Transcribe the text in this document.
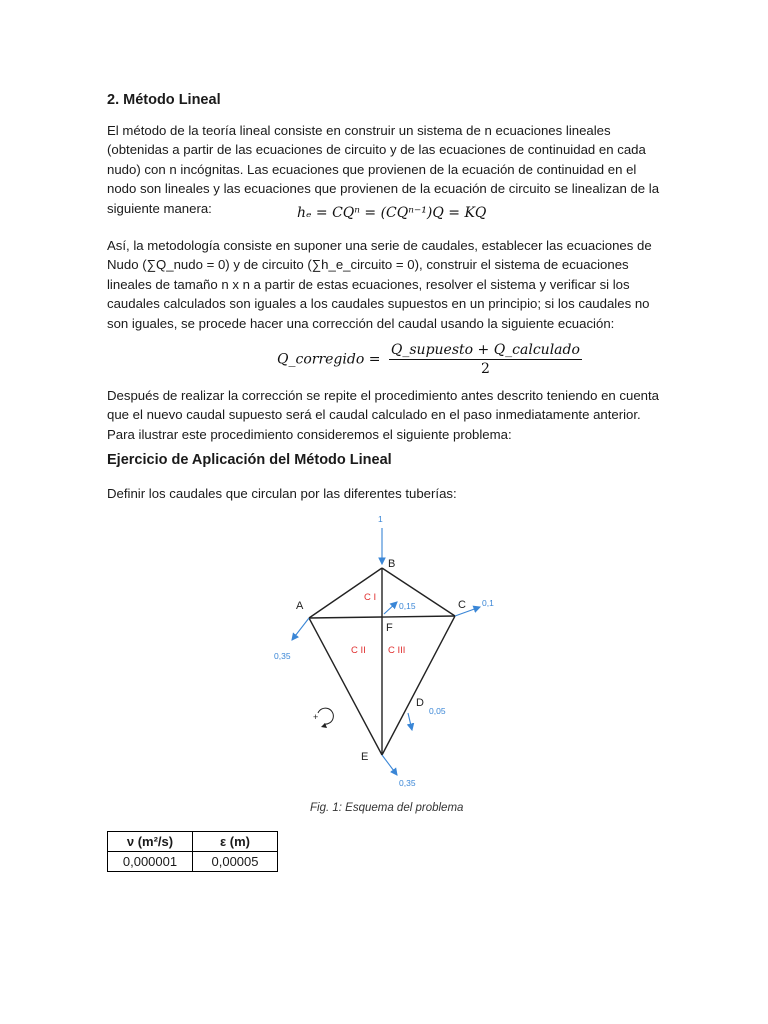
2. Método Lineal
El método de la teoría lineal consiste en construir un sistema de n ecuaciones lineales (obtenidas a partir de las ecuaciones de circuito y de las ecuaciones de continuidad en cada nudo) con n incógnitas. Las ecuaciones que provienen de la ecuación de continuidad en el nodo son lineales y las ecuaciones que provienen de la ecuación de circuito se linealizan de la siguiente manera:	hₑ = CQⁿ = (CQⁿ⁻¹)Q = KQ
Así, la metodología consiste en suponer una serie de caudales, establecer las ecuaciones de Nudo (∑Q_nudo = 0) y de circuito (∑h_e_circuito = 0), construir el sistema de ecuaciones lineales de tamaño n x n a partir de estas ecuaciones, resolver el sistema y verificar si los caudales calculados son iguales a los caudales supuestos en un principio; si los caudales no son iguales, se procede hacer una corrección del caudal usando la siguiente ecuación:
Q_corregido = $\frac{\text{Q\_supuesto + Q\_calculado}}{2}$
Después de realizar la corrección se repite el procedimiento antes descrito teniendo en cuenta que el nuevo caudal supuesto será el caudal calculado en el paso inmediatamente anterior. Para ilustrar este procedimiento consideremos el siguiente problema:
Ejercicio de Aplicación del Método Lineal
Definir los caudales que circulan por las diferentes tuberías:
+
B
A	C
F
D
E
C I
C II C III
1
0,35
0,1
0,15
0,05
0,35
Fig. 1: Esquema del problema
ν (m²/s)	ε (m)
0,000001	0,00005
